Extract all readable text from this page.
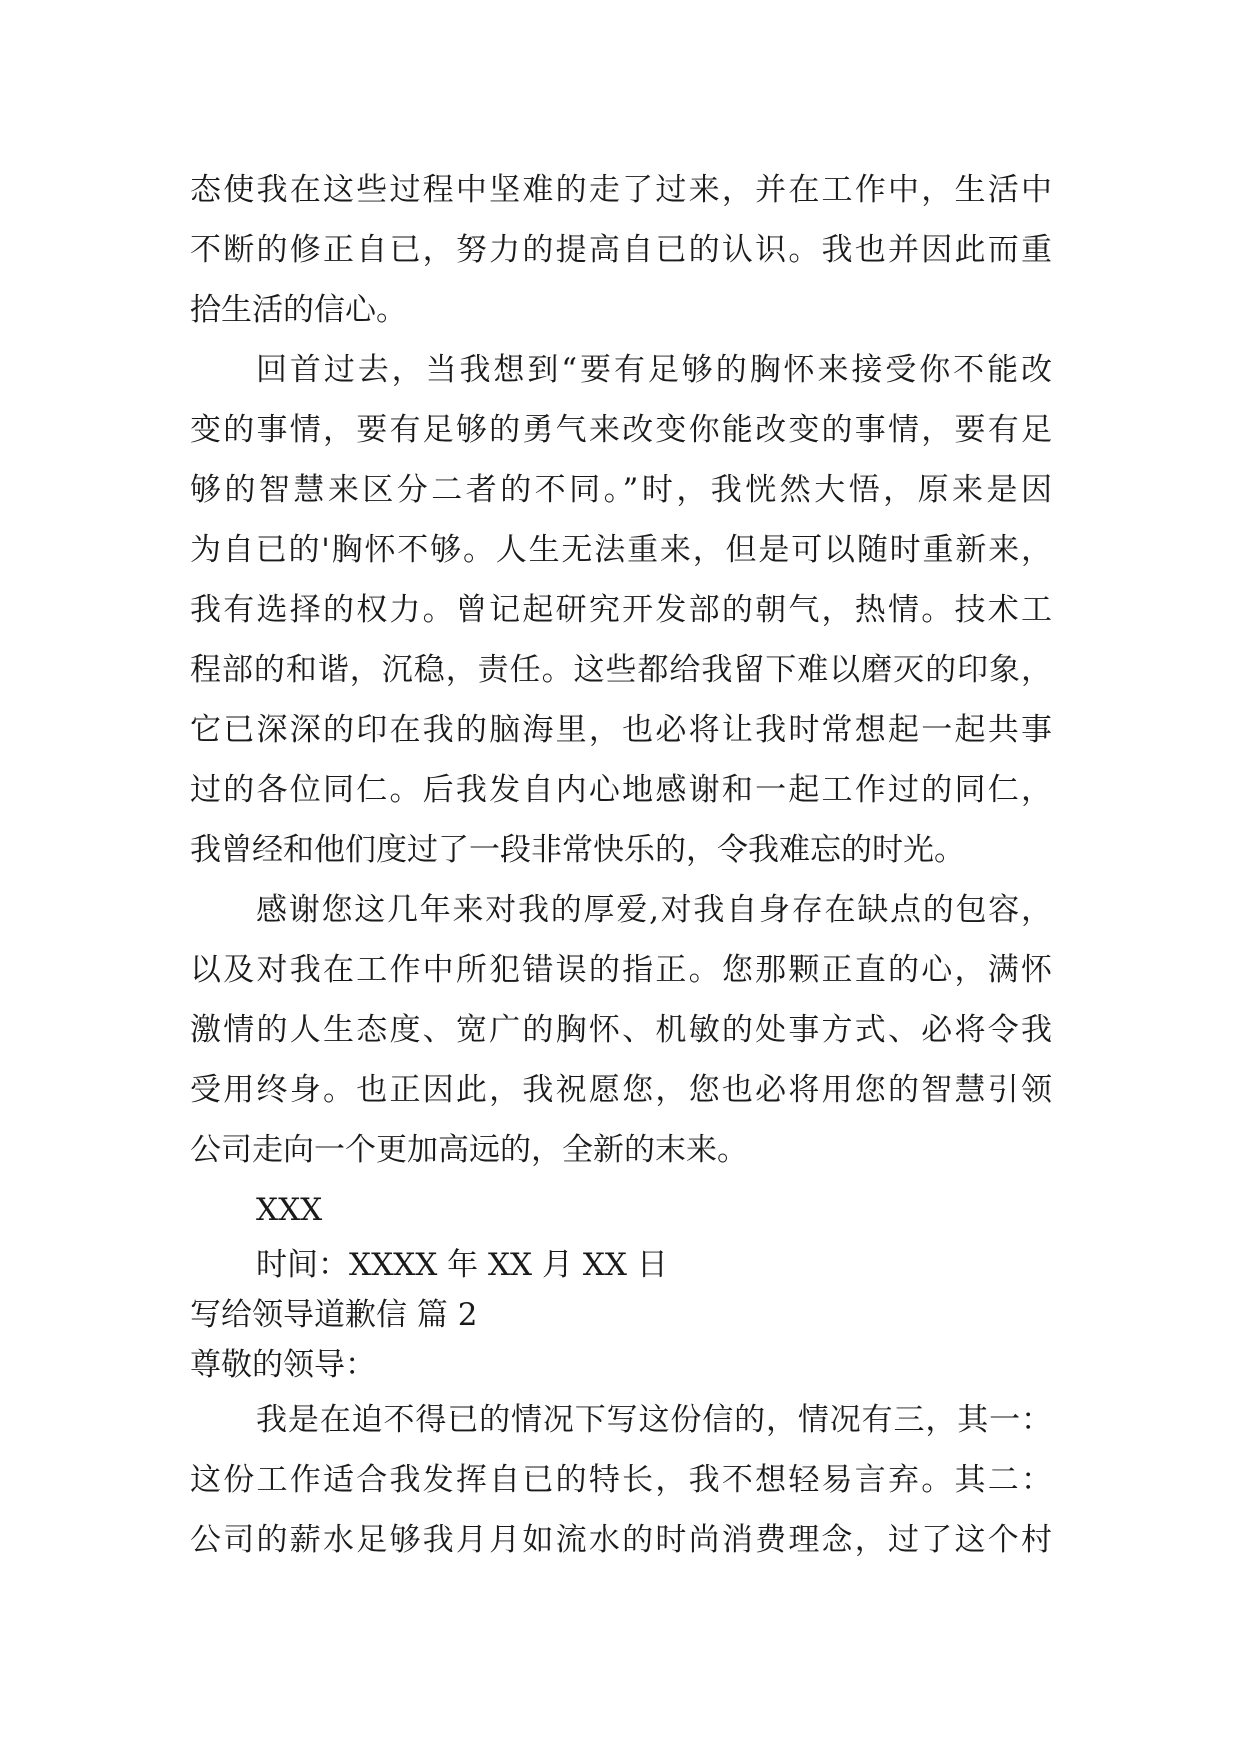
态使我在这些过程中坚难的走了过来，并在工作中，生活中
不断的修正自已，努力的提高自已的认识。我也并因此而重
拾生活的信心。
回首过去，当我想到“要有足够的胸怀来接受你不能改
变的事情，要有足够的勇气来改变你能改变的事情，要有足
够的智慧来区分二者的不同。”时，我恍然大悟，原来是因
为自已的'胸怀不够。人生无法重来，但是可以随时重新来，
我有选择的权力。曾记起研究开发部的朝气，热情。技术工
程部的和谐，沉稳，责任。这些都给我留下难以磨灭的印象，
它已深深的印在我的脑海里，也必将让我时常想起一起共事
过的各位同仁。后我发自内心地感谢和一起工作过的同仁，
我曾经和他们度过了一段非常快乐的，令我难忘的时光。
感谢您这几年来对我的厚爱,对我自身存在缺点的包容，
以及对我在工作中所犯错误的指正。您那颗正直的心，满怀
激情的人生态度、宽广的胸怀、机敏的处事方式、必将令我
受用终身。也正因此，我祝愿您，您也必将用您的智慧引领
公司走向一个更加高远的，全新的末来。
XXX
时间：XXXX 年 XX 月 XX 日
写给领导道歉信 篇 2
尊敬的领导：
我是在迫不得已的情况下写这份信的，情况有三，其一：
这份工作适合我发挥自已的特长，我不想轻易言弃。其二：
公司的薪水足够我月月如流水的时尚消费理念，过了这个村
